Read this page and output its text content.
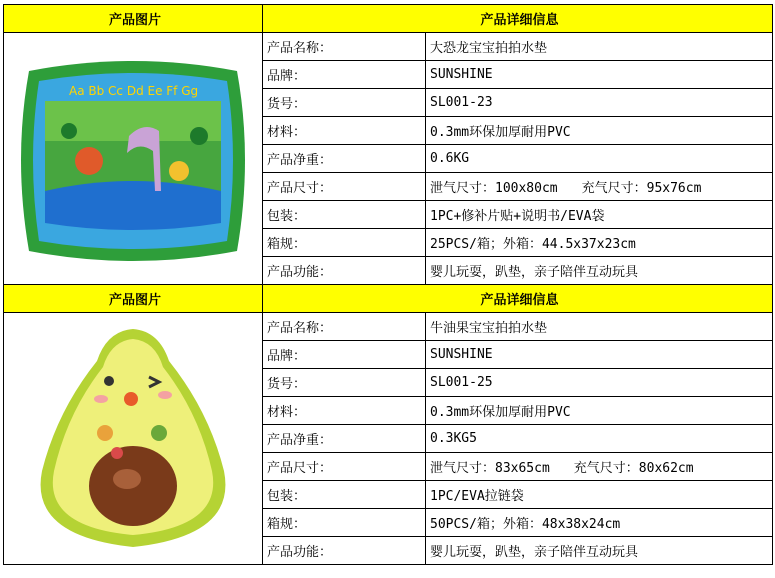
产品图片	产品详细信息	

Aa Bb Cc Dd Ee Ff Gg	产品名称：	大恐龙宝宝拍拍水垫
	品牌：	SUNSHINE
	货号：	SL001-23
	材料：	0.3mm环保加厚耐用PVC
	产品净重：	0.6KG
	产品尺寸：	泄气尺寸：100x80cm 充气尺寸：95x76cm
	包装：	1PC+修补片贴+说明书/EVA袋
	箱规：	25PCS/箱；外箱：44.5x37x23cm
	产品功能：	婴儿玩耍，趴垫，亲子陪伴互动玩具
产品图片	产品详细信息	

	产品名称：	牛油果宝宝拍拍水垫
	品牌：	SUNSHINE
	货号：	SL001-25
	材料：	0.3mm环保加厚耐用PVC
	产品净重：	0.3KG5
	产品尺寸：	泄气尺寸：83x65cm 充气尺寸：80x62cm
	包装：	1PC/EVA拉链袋
	箱规：	50PCS/箱；外箱：48x38x24cm
	产品功能：	婴儿玩耍，趴垫，亲子陪伴互动玩具
